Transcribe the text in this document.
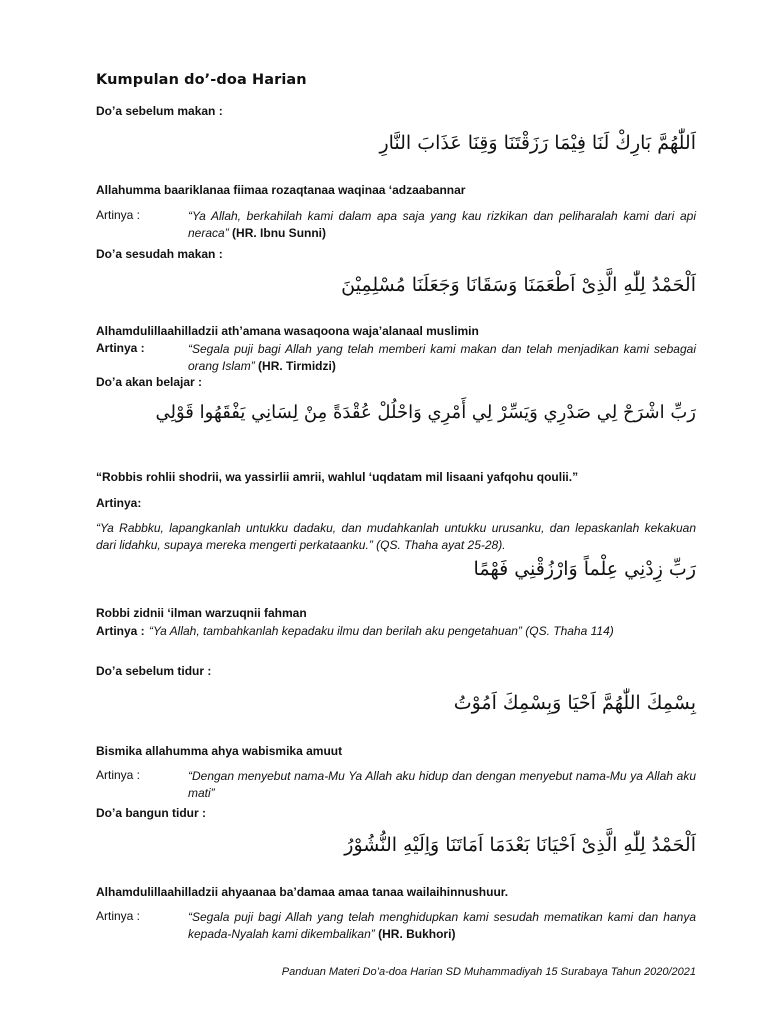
Kumpulan do’-doa Harian
Do’a sebelum makan :
اَللّٰهُمَّ بَارِكْ لَنَا فِيْمَا رَزَقْتَنَا وَقِنَا عَذَابَ النَّارِ
Allahumma baariklanaa fiimaa rozaqtanaa waqinaa ‘adzaabannar
Artinya :	“Ya Allah, berkahilah kami dalam apa saja yang kau rizkikan dan peliharalah kami dari api neraca” (HR. Ibnu Sunni)
Do’a sesudah makan :
اَلْحَمْدُ لِلّٰهِ الَّذِىْ اَطْعَمَنَا وَسَقَانَا وَجَعَلَنَا مُسْلِمِيْنَ
Alhamdulillaahilladzii ath’amana wasaqoona waja’alanaal muslimin
Artinya :	“Segala puji bagi Allah yang telah memberi kami makan dan telah menjadikan kami sebagai orang Islam” (HR. Tirmidzi)
Do’a akan belajar :
رَبِّ اشْرَحْ لِي صَدْرِي وَيَسِّرْ لِي أَمْرِي وَاحْلُلْ عُقْدَةً مِنْ لِسَانِي يَفْقَهُوا قَوْلِي
“Robbis rohlii shodrii, wa yassirlii amrii, wahlul ‘uqdatam mil lisaani yafqohu qoulii.”
Artinya:
“Ya Rabbku, lapangkanlah untukku dadaku, dan mudahkanlah untukku urusanku, dan lepaskanlah kekakuan dari lidahku, supaya mereka mengerti perkataanku.” (QS. Thaha ayat 25-28).
رَبِّ زِدْنِي عِلْماً وَارْزُقْنِي فَهْمًا
Robbi zidnii ‘ilman warzuqnii fahman
Artinya : “Ya Allah, tambahkanlah kepadaku ilmu dan berilah aku pengetahuan” (QS. Thaha 114)
Do’a sebelum tidur :
بِسْمِكَ اللّٰهُمَّ اَحْيَا وَبِسْمِكَ اَمُوْتُ
Bismika allahumma ahya wabismika amuut
Artinya :	“Dengan menyebut nama-Mu Ya Allah aku hidup dan dengan menyebut nama-Mu ya Allah aku mati”
Do’a bangun tidur :
اَلْحَمْدُ لِلّٰهِ الَّذِىْ اَحْيَانَا بَعْدَمَا اَمَاتَنَا وَاِلَيْهِ النُّشُوْرُ
Alhamdulillaahilladzii ahyaanaa ba’damaa amaa tanaa wailaihinnushuur.
Artinya :	“Segala puji bagi Allah yang telah menghidupkan kami sesudah mematikan kami dan hanya kepada-Nyalah kami dikembalikan” (HR. Bukhori)
Panduan Materi Do’a-doa Harian SD Muhammadiyah 15 Surabaya Tahun 2020/2021
